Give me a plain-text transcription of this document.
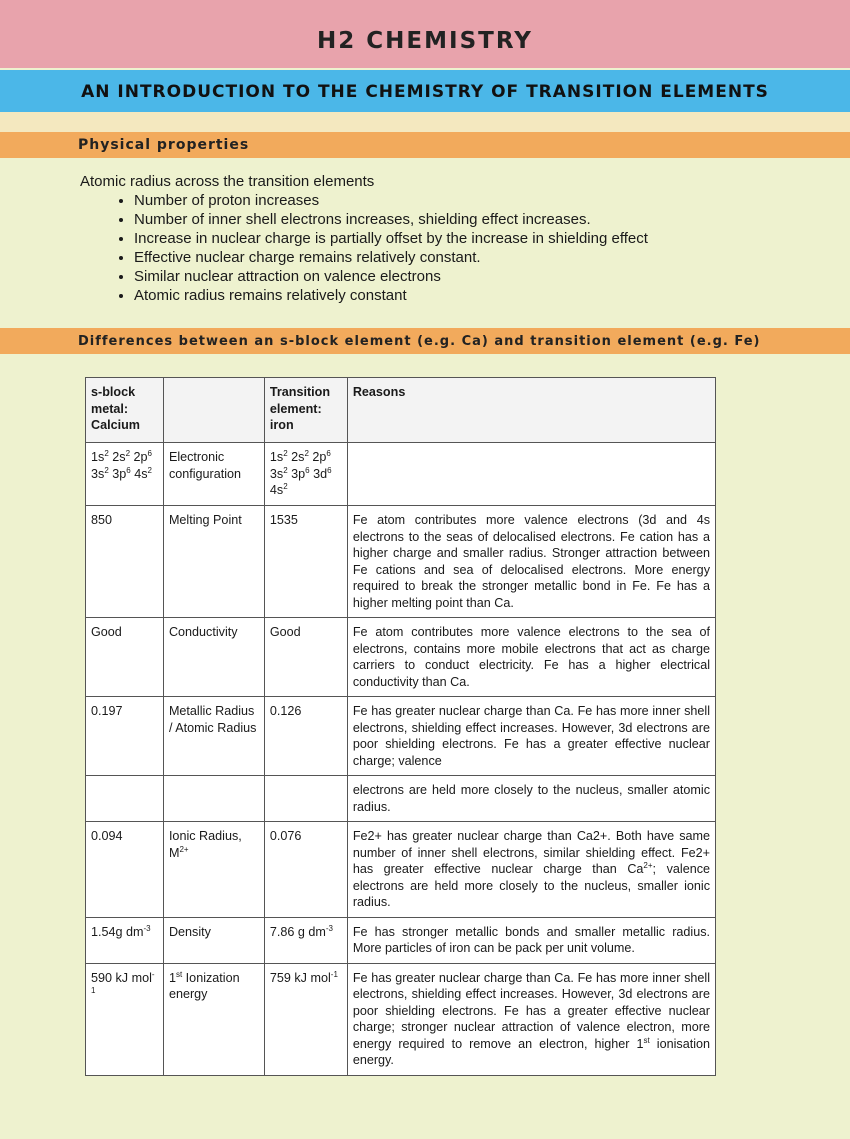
H2 CHEMISTRY
AN INTRODUCTION TO THE CHEMISTRY OF TRANSITION ELEMENTS
Physical properties
Atomic radius across the transition elements
• Number of proton increases
• Number of inner shell electrons increases, shielding effect increases.
• Increase in nuclear charge is partially offset by the increase in shielding effect
• Effective nuclear charge remains relatively constant.
• Similar nuclear attraction on valence electrons
• Atomic radius remains relatively constant
Differences between an s-block element (e.g. Ca) and transition element (e.g. Fe)
s-block metal: Calcium		Transition element: iron	Reasons
$1s^2$ $2s^2$ $2p^6$ $3s^2$ $3p^6$ $4s^2$	Electronic configuration	$1s^2$ $2s^2$ $2p^6$ $3s^2$ $3p^6$ $3d^6$ $4s^2$	
850	Melting Point	1535	Fe atom contributes more valence electrons (3d and 4s electrons to the seas of delocalised electrons. Fe cation has a higher charge and smaller radius. Stronger attraction between Fe cations and sea of delocalised electrons. More energy required to break the stronger metallic bond in Fe. Fe has a higher melting point than Ca.
Good	Conductivity	Good	Fe atom contributes more valence electrons to the sea of electrons, contains more mobile electrons that act as charge carriers to conduct electricity. Fe has a higher electrical conductivity than Ca.
0.197	Metallic Radius / Atomic Radius	0.126	Fe has greater nuclear charge than Ca. Fe has more inner shell electrons, shielding effect increases. However, 3d electrons are poor shielding electrons. Fe has a greater effective nuclear charge; valence
			electrons are held more closely to the nucleus, smaller atomic radius.
0.094	Ionic Radius, $M^{2+}$	0.076	Fe2+ has greater nuclear charge than Ca2+. Both have same number of inner shell electrons, similar shielding effect. Fe2+ has greater effective nuclear charge than $Ca^{2+}$; valence electrons are held more closely to the nucleus, smaller ionic radius.
1.54g $dm^{-3}$	Density	7.86 g $dm^{-3}$	Fe has stronger metallic bonds and smaller metallic radius. More particles of iron can be pack per unit volume.
590 kJ mol$^{-1}$	1st Ionization energy	759 kJ mol$^{-1}$	Fe has greater nuclear charge than Ca. Fe has more inner shell electrons, shielding effect increases. However, 3d electrons are poor shielding electrons. Fe has a greater effective nuclear charge; stronger nuclear attraction of valence electron, more energy required to remove an electron, higher 1st ionisation energy.
